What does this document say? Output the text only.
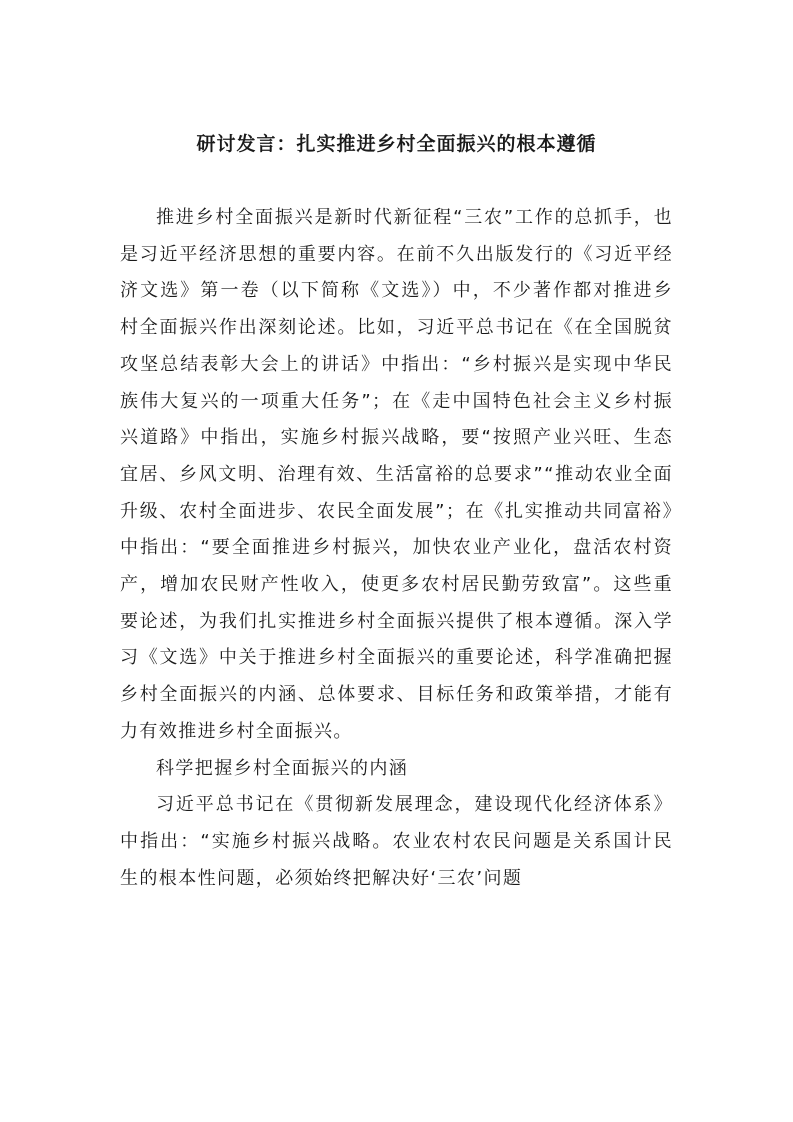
研讨发言：扎实推进乡村全面振兴的根本遵循

推进乡村全面振兴是新时代新征程“三农”工作的总抓手，也是习近平经济思想的重要内容。在前不久出版发行的《习近平经济文选》第一卷（以下简称《文选》）中，不少著作都对推进乡村全面振兴作出深刻论述。比如，习近平总书记在《在全国脱贫攻坚总结表彰大会上的讲话》中指出：“乡村振兴是实现中华民族伟大复兴的一项重大任务”；在《走中国特色社会主义乡村振兴道路》中指出，实施乡村振兴战略，要“按照产业兴旺、生态宜居、乡风文明、治理有效、生活富裕的总要求”“推动农业全面升级、农村全面进步、农民全面发展”；在《扎实推动共同富裕》中指出：“要全面推进乡村振兴，加快农业产业化，盘活农村资产，增加农民财产性收入，使更多农村居民勤劳致富”。这些重要论述，为我们扎实推进乡村全面振兴提供了根本遵循。深入学习《文选》中关于推进乡村全面振兴的重要论述，科学准确把握乡村全面振兴的内涵、总体要求、目标任务和政策举措，才能有力有效推进乡村全面振兴。

科学把握乡村全面振兴的内涵

习近平总书记在《贯彻新发展理念，建设现代化经济体系》中指出：“实施乡村振兴战略。农业农村农民问题是关系国计民生的根本性问题，必须始终把解决好‘三农’问题
